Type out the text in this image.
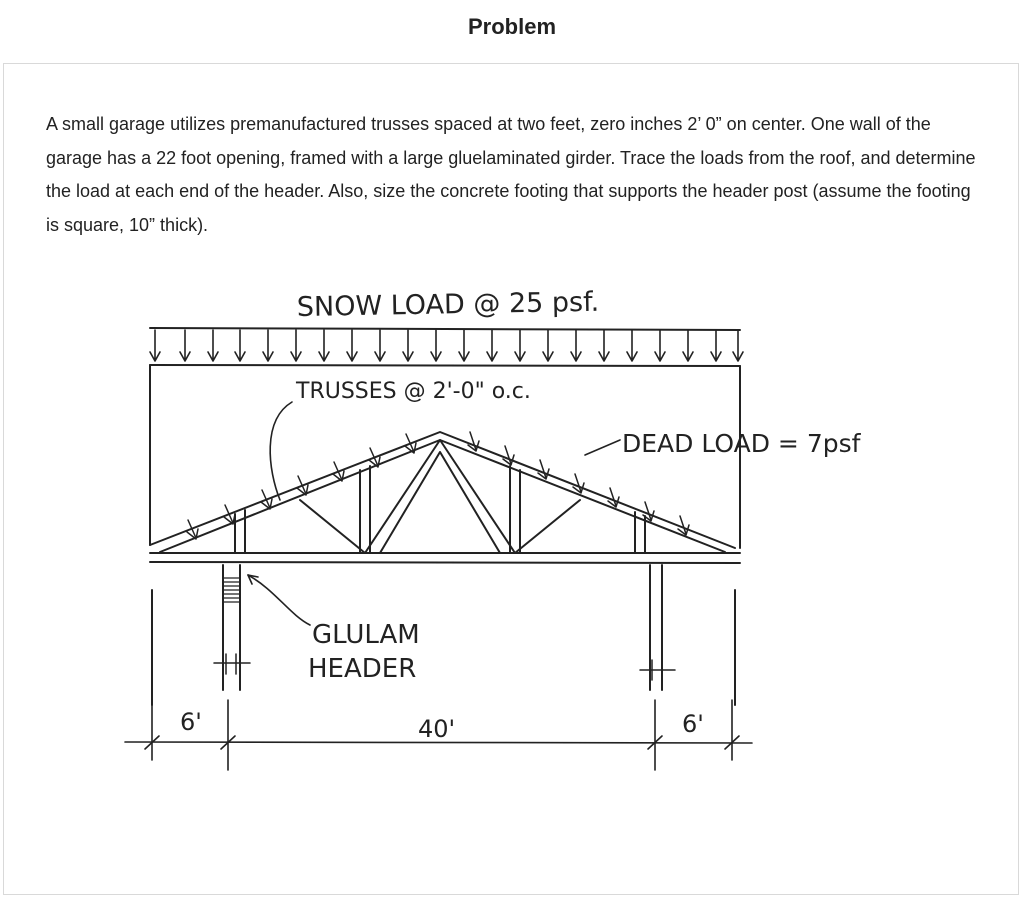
Problem

A small garage utilizes premanufactured trusses spaced at two feet, zero inches 2’ 0” on center. One wall of the garage has a 22 foot opening, framed with a large gluelaminated girder. Trace the loads from the roof, and determine the load at each end of the header. Also, size the concrete footing that supports the header post (assume the footing is square, 10” thick).

SNOW LOAD @ 25 psf.
TRUSSES @ 2'-0" o.c.
DEAD LOAD = 7psf
GLULAM
HEADER
6'	40'	6'
